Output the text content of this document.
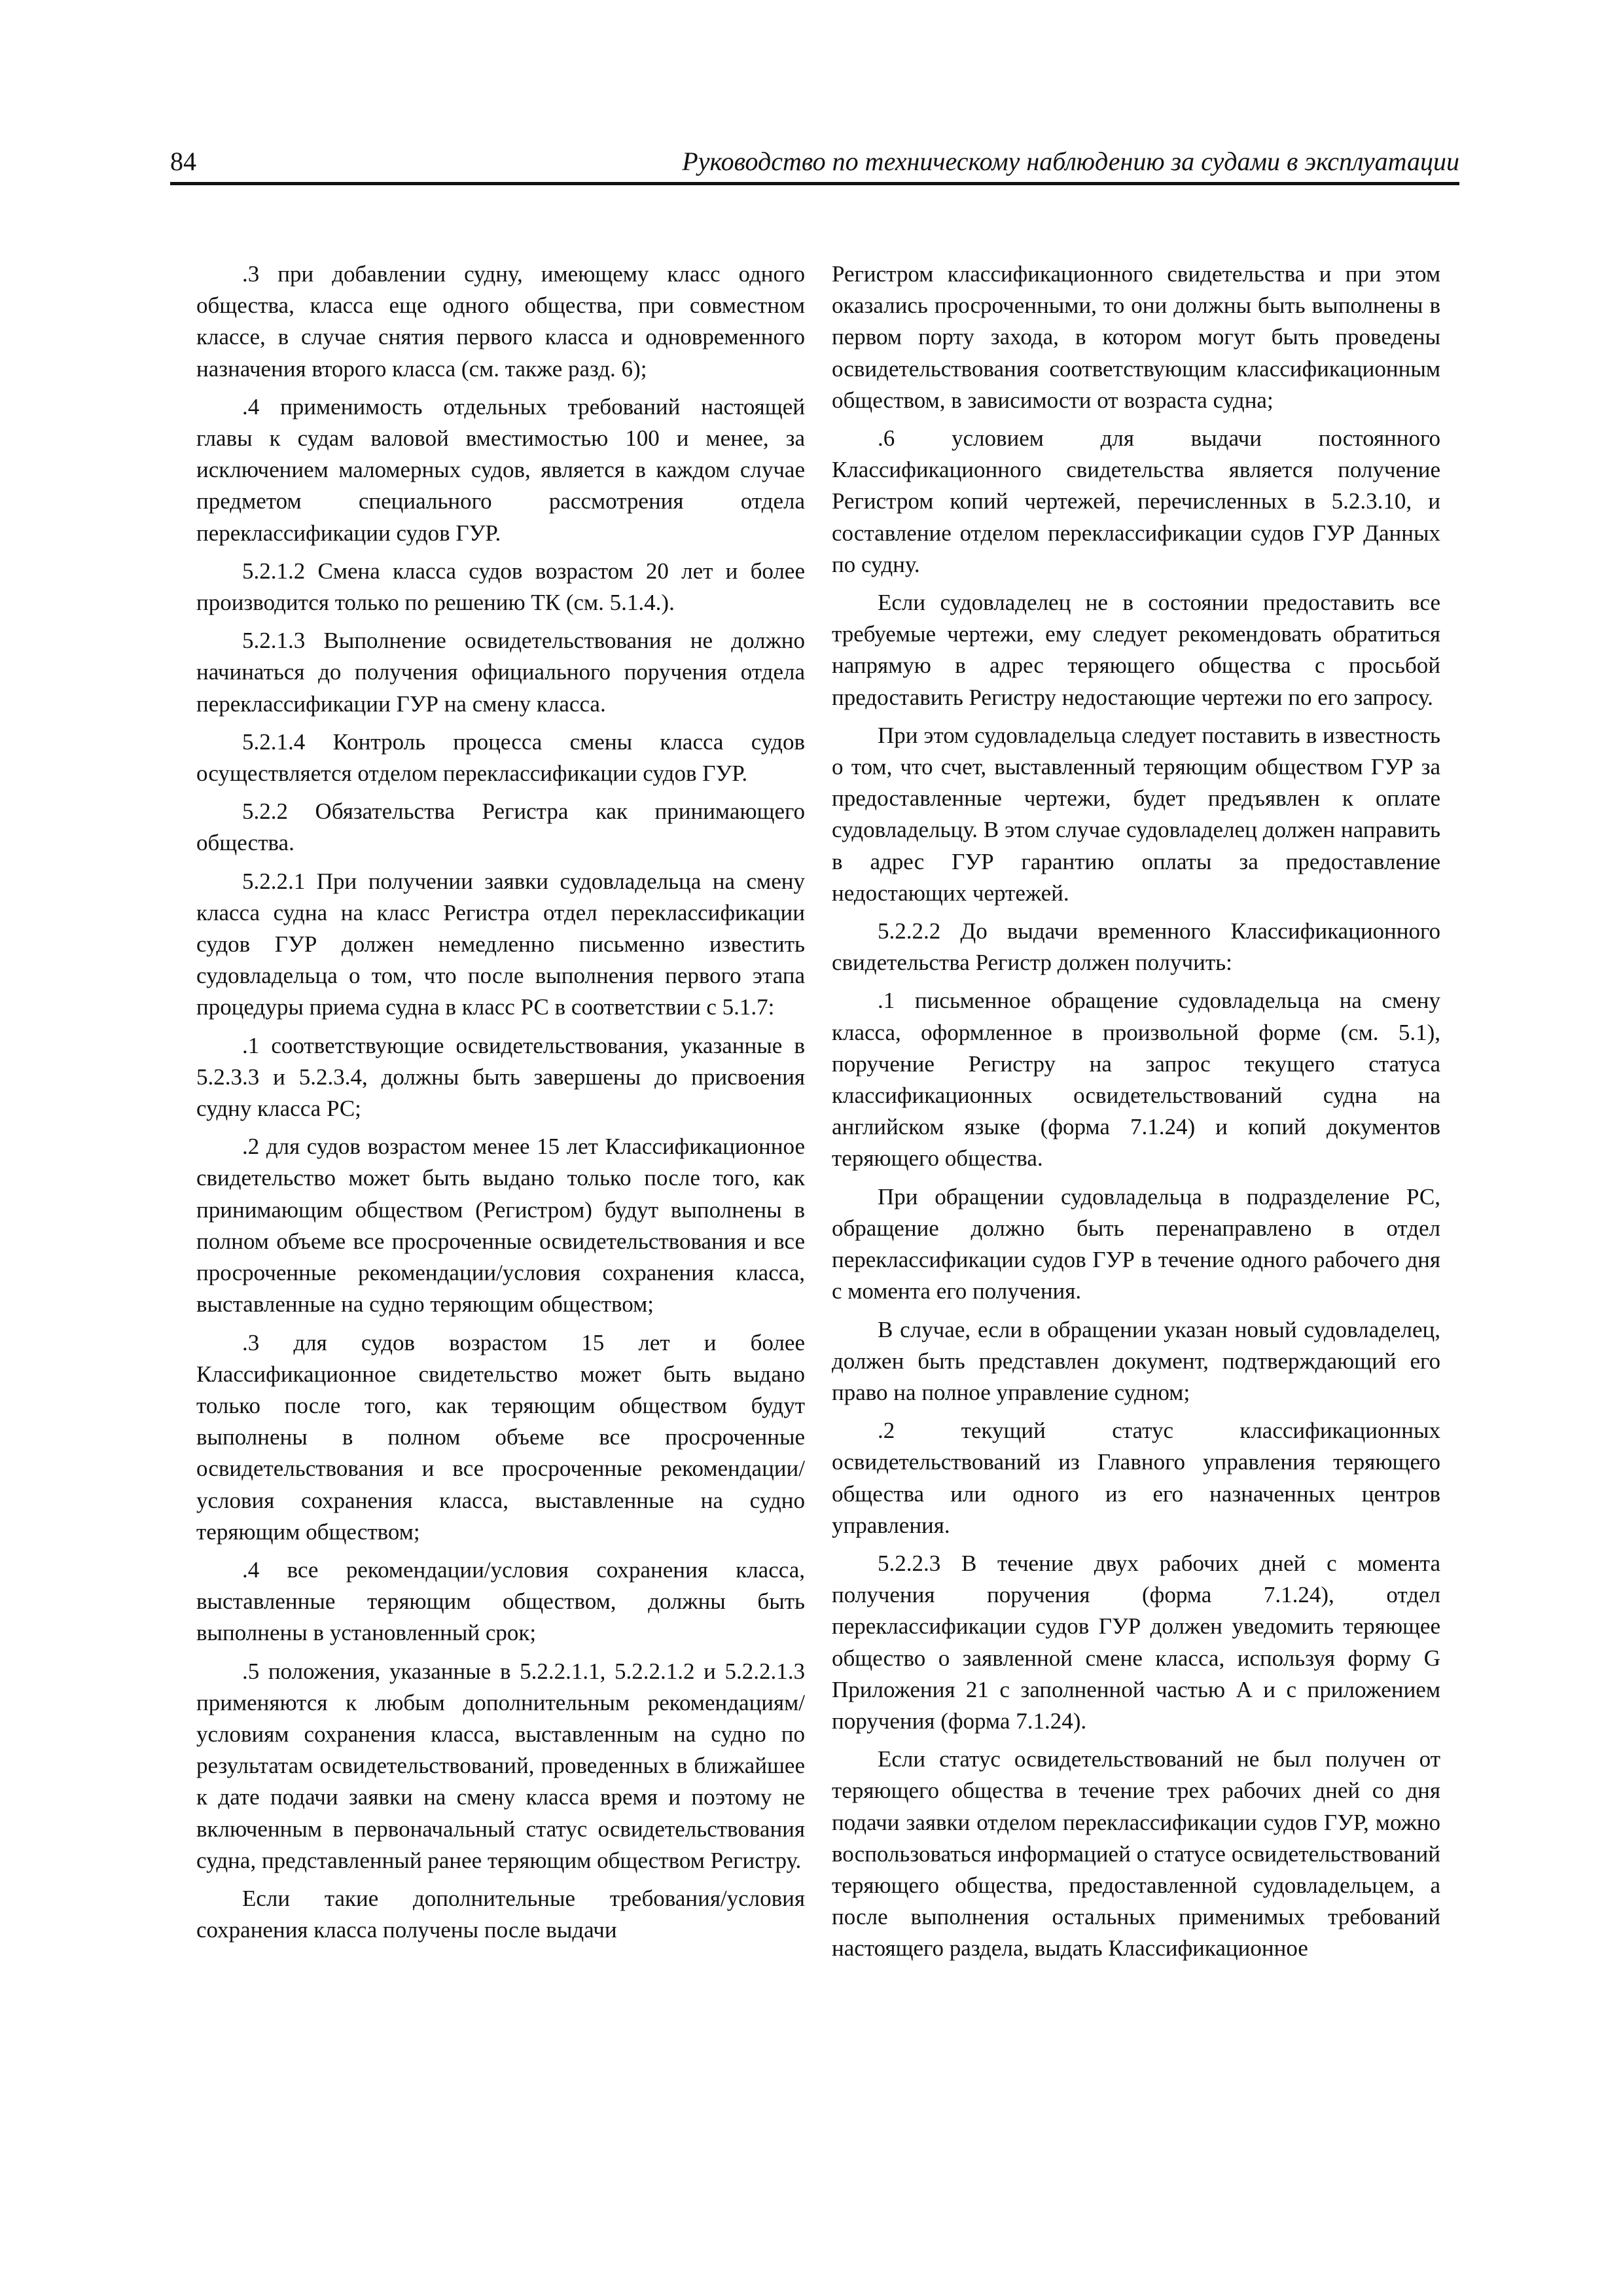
84	Руководство по техническому наблюдению за судами в эксплуатации

.3 при добавлении судну, имеющему класс одного общества, класса еще одного общества, при совместном классе, в случае снятия первого класса и одновременного назначения второго класса (см. также разд. 6);

.4 применимость отдельных требований настоящей главы к судам валовой вместимостью 100 и менее, за исключением маломерных судов, является в каждом случае предметом специального рассмотрения отдела переклассификации судов ГУР.

5.2.1.2 Смена класса судов возрастом 20 лет и более производится только по решению ТК (см. 5.1.4.).

5.2.1.3 Выполнение освидетельствования не должно начинаться до получения официального поручения отдела переклассификации ГУР на смену класса.

5.2.1.4 Контроль процесса смены класса судов осуществляется отделом переклассификации судов ГУР.

5.2.2 Обязательства Регистра как принимающего общества.

5.2.2.1 При получении заявки судовладельца на смену класса судна на класс Регистра отдел переклассификации судов ГУР должен немедленно письменно известить судовладельца о том, что после выполнения первого этапа процедуры приема судна в класс РС в соответствии с 5.1.7:

.1 соответствующие освидетельствования, указанные в 5.2.3.3 и 5.2.3.4, должны быть завершены до присвоения судну класса РС;

.2 для судов возрастом менее 15 лет Классификационное свидетельство может быть выдано только после того, как принимающим обществом (Регистром) будут выполнены в полном объеме все просроченные освидетельствования и все просроченные рекомендации/условия сохранения класса, выставленные на судно теряющим обществом;

.3 для судов возрастом 15 лет и более Классификационное свидетельство может быть выдано только после того, как теряющим обществом будут выполнены в полном объеме все просроченные освидетельствования и все просроченные рекомендации/условия сохранения класса, выставленные на судно теряющим обществом;

.4 все рекомендации/условия сохранения класса, выставленные теряющим обществом, должны быть выполнены в установленный срок;

.5 положения, указанные в 5.2.2.1.1, 5.2.2.1.2 и 5.2.2.1.3 применяются к любым дополнительным рекомендациям/условиям сохранения класса, выставленным на судно по результатам освидетельствований, проведенных в ближайшее к дате подачи заявки на смену класса время и поэтому не включенным в первоначальный статус освидетельствования судна, представленный ранее теряющим обществом Регистру.

Если такие дополнительные требования/условия сохранения класса получены после выдачи

Регистром классификационного свидетельства и при этом оказались просроченными, то они должны быть выполнены в первом порту захода, в котором могут быть проведены освидетельствования соответствующим классификационным обществом, в зависимости от возраста судна;

.6 условием для выдачи постоянного Классификационного свидетельства является получение Регистром копий чертежей, перечисленных в 5.2.3.10, и составление отделом переклассификации судов ГУР Данных по судну.

Если судовладелец не в состоянии предоставить все требуемые чертежи, ему следует рекомендовать обратиться напрямую в адрес теряющего общества с просьбой предоставить Регистру недостающие чертежи по его запросу.

При этом судовладельца следует поставить в известность о том, что счет, выставленный теряющим обществом ГУР за предоставленные чертежи, будет предъявлен к оплате судовладельцу. В этом случае судовладелец должен направить в адрес ГУР гарантию оплаты за предоставление недостающих чертежей.

5.2.2.2 До выдачи временного Классификационного свидетельства Регистр должен получить:

.1 письменное обращение судовладельца на смену класса, оформленное в произвольной форме (см. 5.1), поручение Регистру на запрос текущего статуса классификационных освидетельствований судна на английском языке (форма 7.1.24) и копий документов теряющего общества.

При обращении судовладельца в подразделение РС, обращение должно быть перенаправлено в отдел переклассификации судов ГУР в течение одного рабочего дня с момента его получения.

В случае, если в обращении указан новый судовладелец, должен быть представлен документ, подтверждающий его право на полное управление судном;

.2 текущий статус классификационных освидетельствований из Главного управления теряющего общества или одного из его назначенных центров управления.

5.2.2.3 В течение двух рабочих дней с момента получения поручения (форма 7.1.24), отдел переклассификации судов ГУР должен уведомить теряющее общество о заявленной смене класса, используя форму G Приложения 21 с заполненной частью А и с приложением поручения (форма 7.1.24).

Если статус освидетельствований не был получен от теряющего общества в течение трех рабочих дней со дня подачи заявки отделом переклассификации судов ГУР, можно воспользоваться информацией о статусе освидетельствований теряющего общества, предоставленной судовладельцем, а после выполнения остальных применимых требований настоящего раздела, выдать Классификационное
